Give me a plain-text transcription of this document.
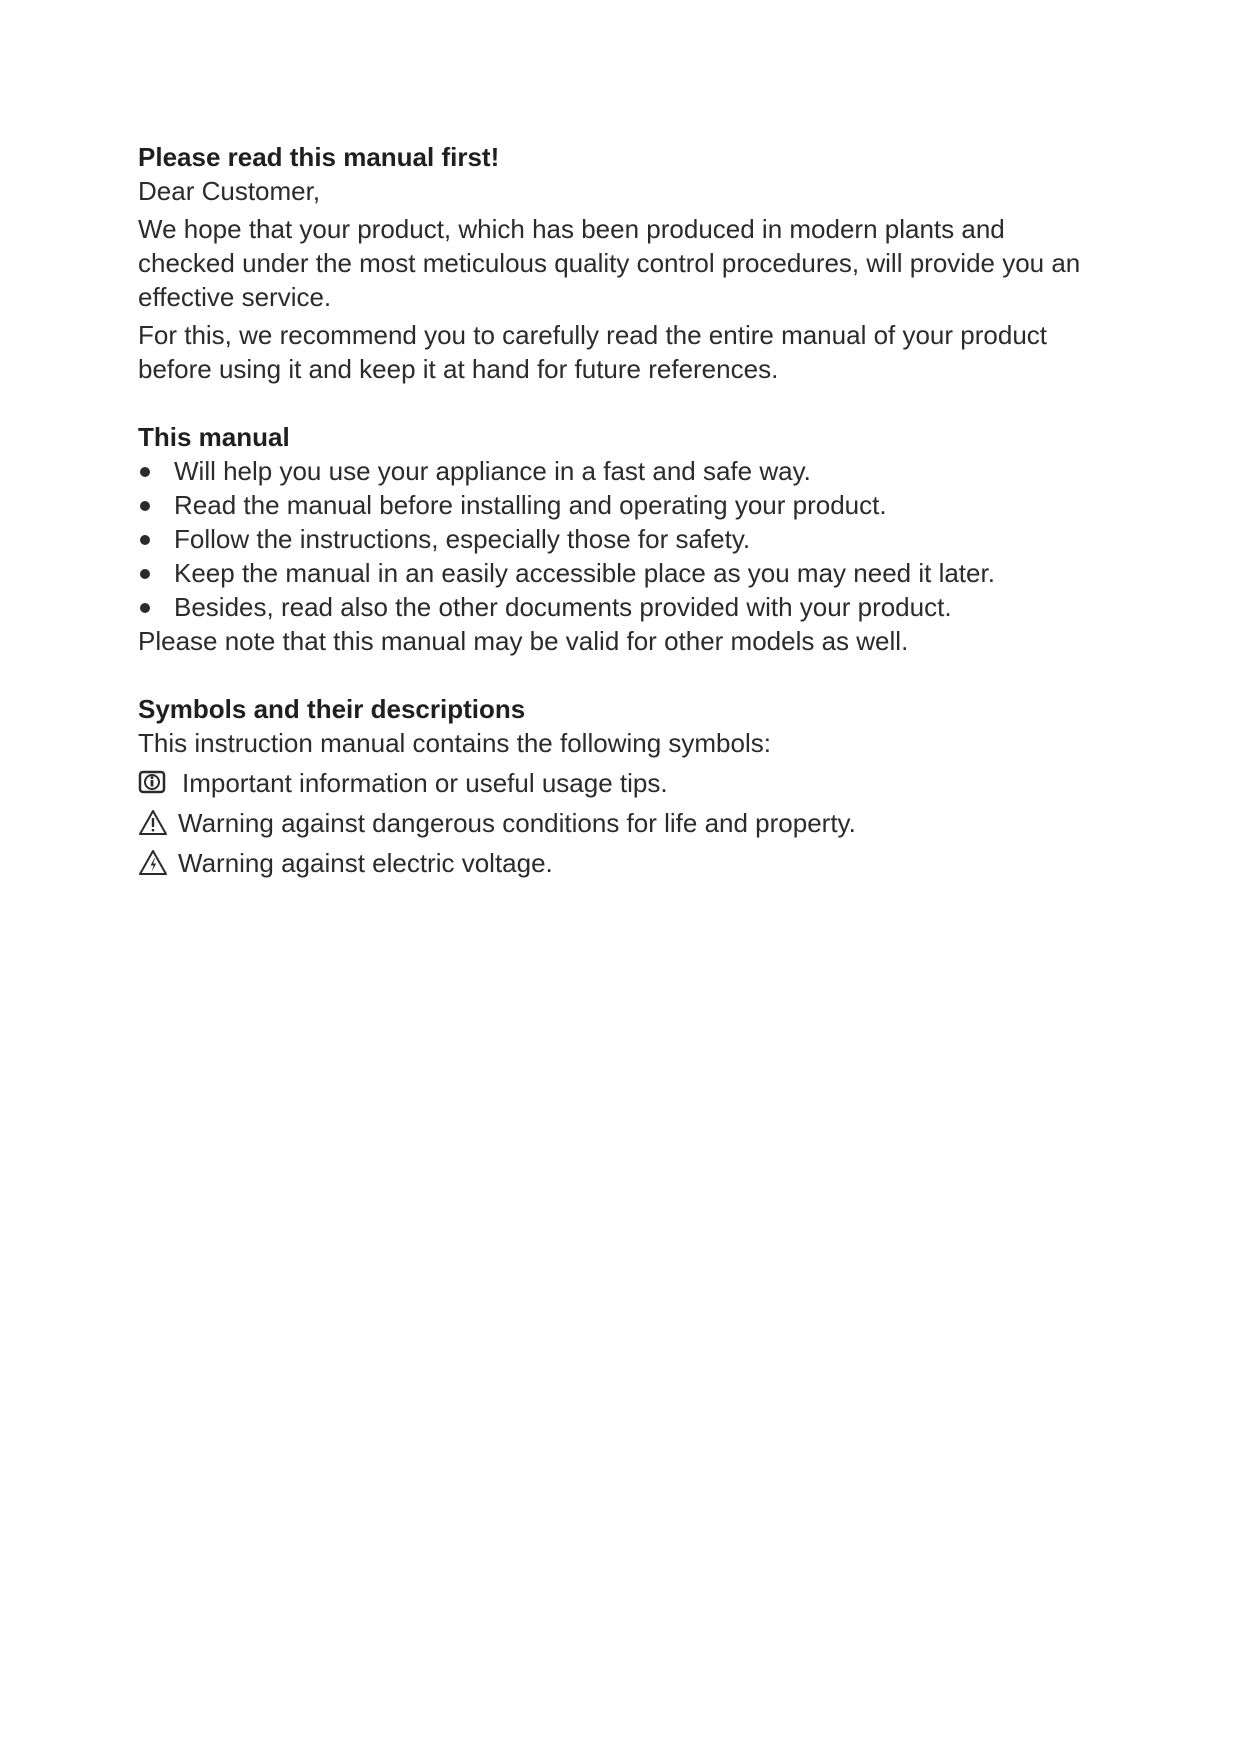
Please read this manual first!

Dear Customer,

We hope that your product, which has been produced in modern plants and checked under the most meticulous quality control procedures, will provide you an effective service.

For this, we recommend you to carefully read the entire manual of your product before using it and keep it at hand for future references.

This manual
Will help you use your appliance in a fast and safe way.
Read the manual before installing and operating your product.
Follow the instructions, especially those for safety.
Keep the manual in an easily accessible place as you may need it later.
Besides, read also the other documents provided with your product.

Please note that this manual may be valid for other models as well.

Symbols and their descriptions

This instruction manual contains the following symbols:

Important information or useful usage tips.
Warning against dangerous conditions for life and property.
Warning against electric voltage.
